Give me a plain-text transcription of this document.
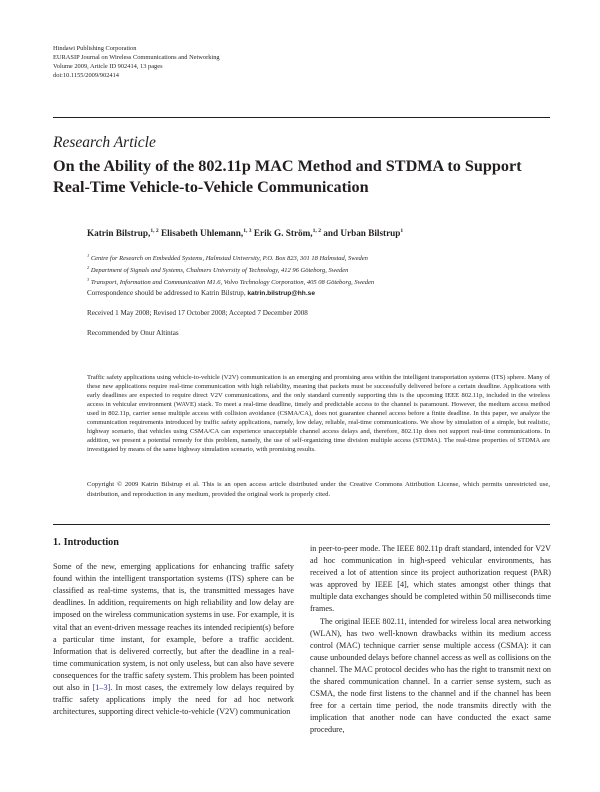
Hindawi Publishing Corporation
EURASIP Journal on Wireless Communications and Networking
Volume 2009, Article ID 902414, 13 pages
doi:10.1155/2009/902414
Research Article
On the Ability of the 802.11p MAC Method and STDMA to Support Real-Time Vehicle-to-Vehicle Communication
Katrin Bilstrup,$^{1, 2}$ Elisabeth Uhlemann,$^{1, 3}$ Erik G. Ström,$^{1, 2}$ and Urban Bilstrup$^1$
$^1$ Centre for Research on Embedded Systems, Halmstad University, P.O. Box 823, 301 18 Halmstad, Sweden
$^2$ Department of Signals and Systems, Chalmers University of Technology, 412 96 Göteborg, Sweden
$^3$ Transport, Information and Communication M1.6, Volvo Technology Corporation, 405 08 Göteborg, Sweden
Correspondence should be addressed to Katrin Bilstrup, katrin.bilstrup@hh.se
Received 1 May 2008; Revised 17 October 2008; Accepted 7 December 2008
Recommended by Onur Altintas
Traffic safety applications using vehicle-to-vehicle (V2V) communication is an emerging and promising area within the intelligent transportation systems (ITS) sphere. Many of these new applications require real-time communication with high reliability, meaning that packets must be successfully delivered before a certain deadline. Applications with early deadlines are expected to require direct V2V communications, and the only standard currently supporting this is the upcoming IEEE 802.11p, included in the wireless access in vehicular environment (WAVE) stack. To meet a real-time deadline, timely and predictable access to the channel is paramount. However, the medium access method used in 802.11p, carrier sense multiple access with collision avoidance (CSMA/CA), does not guarantee channel access before a finite deadline. In this paper, we analyze the communication requirements introduced by traffic safety applications, namely, low delay, reliable, real-time communications. We show by simulation of a simple, but realistic, highway scenario, that vehicles using CSMA/CA can experience unacceptable channel access delays and, therefore, 802.11p does not support real-time communications. In addition, we present a potential remedy for this problem, namely, the use of self-organizing time division multiple access (STDMA). The real-time properties of STDMA are investigated by means of the same highway simulation scenario, with promising results.
Copyright © 2009 Katrin Bilstrup et al. This is an open access article distributed under the Creative Commons Attribution License, which permits unrestricted use, distribution, and reproduction in any medium, provided the original work is properly cited.
1. Introduction

Some of the new, emerging applications for enhancing traffic safety found within the intelligent transportation systems (ITS) sphere can be classified as real-time systems, that is, the transmitted messages have deadlines. In addition, requirements on high reliability and low delay are imposed on the wireless communication systems in use. For example, it is vital that an event-driven message reaches its intended recipient(s) before a particular time instant, for example, before a traffic accident. Information that is delivered correctly, but after the deadline in a real-time communication system, is not only useless, but can also have severe consequences for the traffic safety system. This problem has been pointed out also in [1–3]. In most cases, the extremely low delays required by traffic safety applications imply the need for ad hoc network architectures, supporting direct vehicle-to-vehicle (V2V) communication

in peer-to-peer mode. The IEEE 802.11p draft standard, intended for V2V ad hoc communication in high-speed vehicular environments, has received a lot of attention since its project authorization request (PAR) was approved by IEEE [4], which states amongst other things that multiple data exchanges should be completed within 50 milliseconds time frames.

The original IEEE 802.11, intended for wireless local area networking (WLAN), has two well-known drawbacks within its medium access control (MAC) technique carrier sense multiple access (CSMA): it can cause unbounded delays before channel access as well as collisions on the channel. The MAC protocol decides who has the right to transmit next on the shared communication channel. In a carrier sense system, such as CSMA, the node first listens to the channel and if the channel has been free for a certain time period, the node transmits directly with the implication that another node can have conducted the exact same procedure,
